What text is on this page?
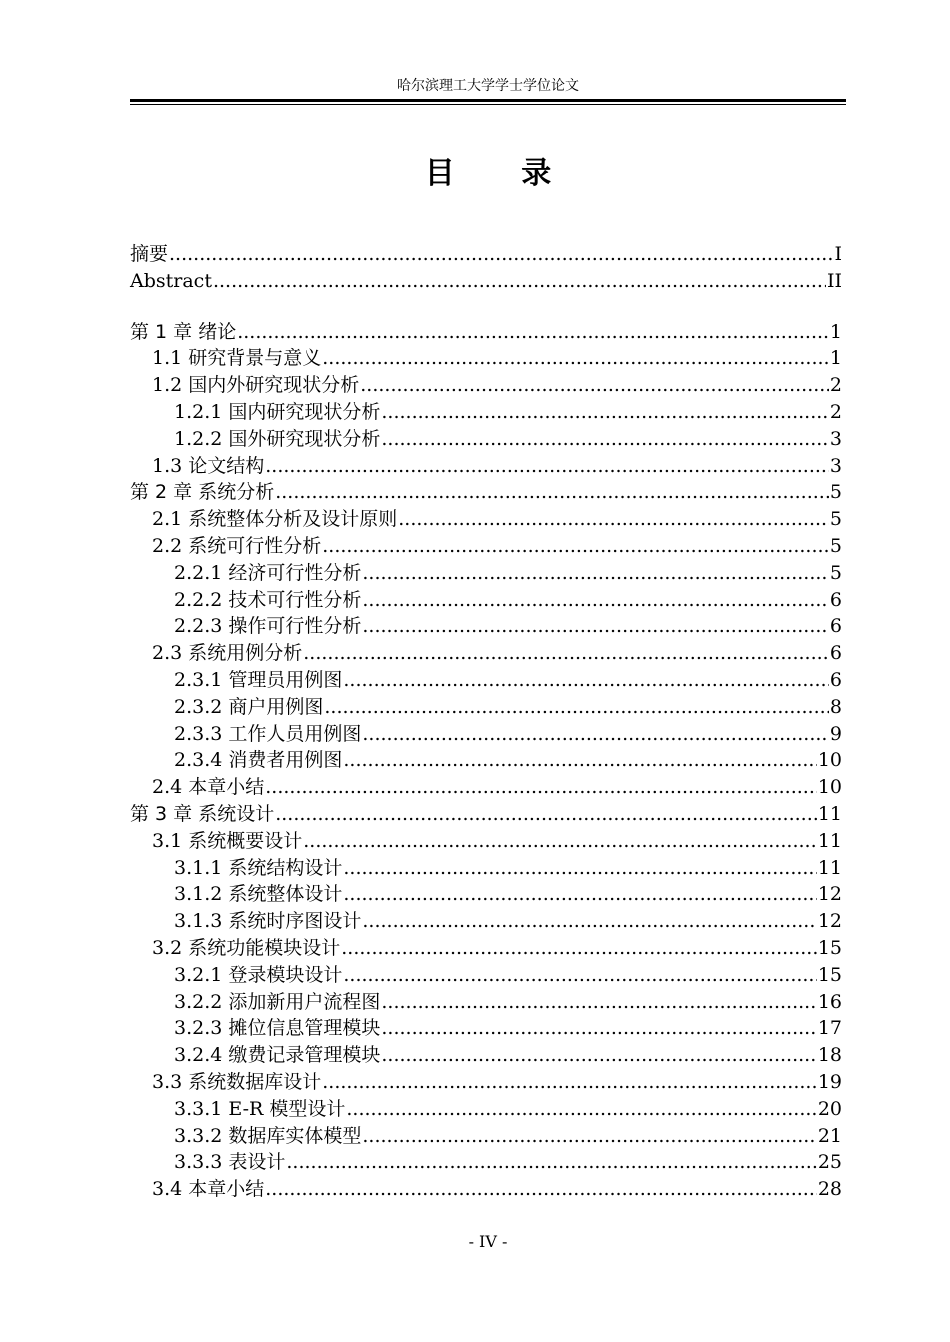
哈尔滨理工大学学士学位论文
目 录
摘要 .....	I
Abstract .....	II
第 1 章 绪论 .....	1
1.1 研究背景与意义 .....	1
1.2 国内外研究现状分析 .....	2
1.2.1 国内研究现状分析 .....	2
1.2.2 国外研究现状分析 .....	3
1.3 论文结构 .....	3
第 2 章 系统分析 .....	5
2.1 系统整体分析及设计原则 .....	5
2.2 系统可行性分析 .....	5
2.2.1 经济可行性分析 .....	5
2.2.2 技术可行性分析 .....	6
2.2.3 操作可行性分析 .....	6
2.3 系统用例分析 .....	6
2.3.1 管理员用例图 .....	6
2.3.2 商户用例图 .....	8
2.3.3 工作人员用例图 .....	9
2.3.4 消费者用例图 .....	10
2.4 本章小结 .....	10
第 3 章 系统设计 .....	11
3.1 系统概要设计 .....	11
3.1.1 系统结构设计 .....	11
3.1.2 系统整体设计 .....	12
3.1.3 系统时序图设计 .....	12
3.2 系统功能模块设计 .....	15
3.2.1 登录模块设计 .....	15
3.2.2 添加新用户流程图 .....	16
3.2.3 摊位信息管理模块 .....	17
3.2.4 缴费记录管理模块 .....	18
3.3 系统数据库设计 .....	19
3.3.1 E-R 模型设计 .....	20
3.3.2 数据库实体模型 .....	21
3.3.3 表设计 .....	25
3.4 本章小结 .....	28
- IV -
